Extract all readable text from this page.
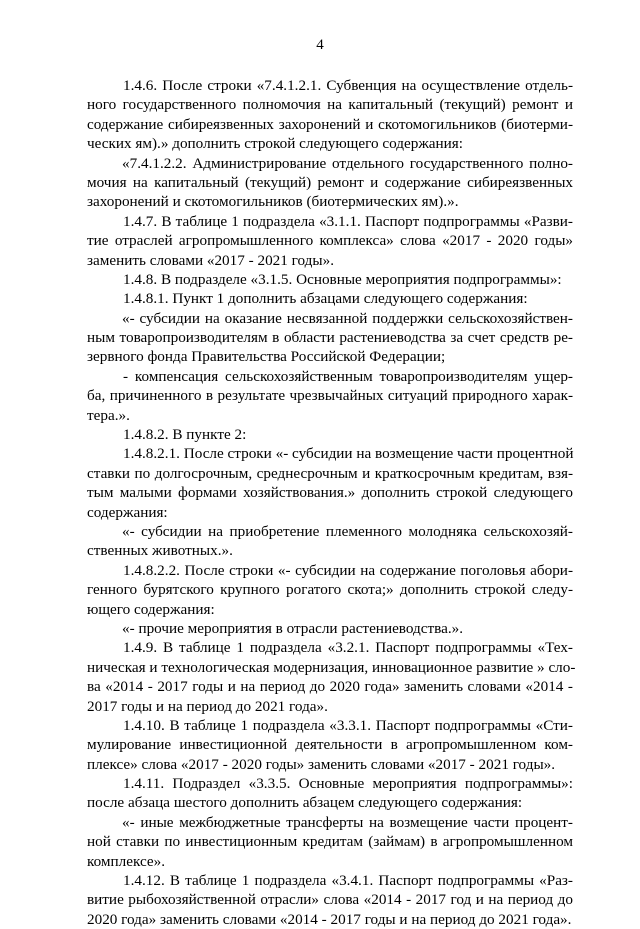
4
1.4.6. После строки «7.4.1.2.1. Субвенция на осуществление отдель-
ного государственного полномочия на капитальный (текущий) ремонт и
содержание сибиреязвенных захоронений и скотомогильников (биотерми-
ческих ям).» дополнить строкой следующего содержания:
«7.4.1.2.2. Администрирование отдельного государственного полно-
мочия на капитальный (текущий) ремонт и содержание сибиреязвенных
захоронений и скотомогильников (биотермических ям).».
1.4.7. В таблице 1 подраздела «3.1.1. Паспорт подпрограммы «Разви-
тие отраслей агропромышленного комплекса» слова «2017 - 2020 годы»
заменить словами «2017 - 2021 годы».
1.4.8. В подразделе «3.1.5. Основные мероприятия подпрограммы»:
1.4.8.1. Пункт 1 дополнить абзацами следующего содержания:
«- субсидии на оказание несвязанной поддержки сельскохозяйствен-
ным товаропроизводителям в области растениеводства за счет средств ре-
зервного фонда Правительства Российской Федерации;
- компенсация сельскохозяйственным товаропроизводителям ущер-
ба, причиненного в результате чрезвычайных ситуаций природного харак-
тера.».
1.4.8.2. В пункте 2:
1.4.8.2.1. После строки «- субсидии на возмещение части процентной
ставки по долгосрочным, среднесрочным и краткосрочным кредитам, взя-
тым малыми формами хозяйствования.» дополнить строкой следующего
содержания:
«- субсидии на приобретение племенного молодняка сельскохозяй-
ственных животных.».
1.4.8.2.2. После строки «- субсидии на содержание поголовья абори-
генного бурятского крупного рогатого скота;» дополнить строкой следу-
ющего содержания:
«- прочие мероприятия в отрасли растениеводства.».
1.4.9. В таблице 1 подраздела «3.2.1. Паспорт подпрограммы «Тех-
ническая и технологическая модернизация, инновационное развитие » сло-
ва «2014 - 2017 годы и на период до 2020 года» заменить словами «2014 -
2017 годы и на период до 2021 года».
1.4.10. В таблице 1 подраздела «3.3.1. Паспорт подпрограммы «Сти-
мулирование инвестиционной деятельности в агропромышленном ком-
плексе» слова «2017 - 2020 годы» заменить словами «2017 - 2021 годы».
1.4.11. Подраздел «3.3.5. Основные мероприятия подпрограммы»:
после абзаца шестого дополнить абзацем следующего содержания:
«- иные межбюджетные трансферты на возмещение части процент-
ной ставки по инвестиционным кредитам (займам) в агропромышленном
комплексе».
1.4.12. В таблице 1 подраздела «3.4.1. Паспорт подпрограммы «Раз-
витие рыбохозяйственной отрасли» слова «2014 - 2017 год и на период до
2020 года» заменить словами «2014 - 2017 годы и на период до 2021 года».
